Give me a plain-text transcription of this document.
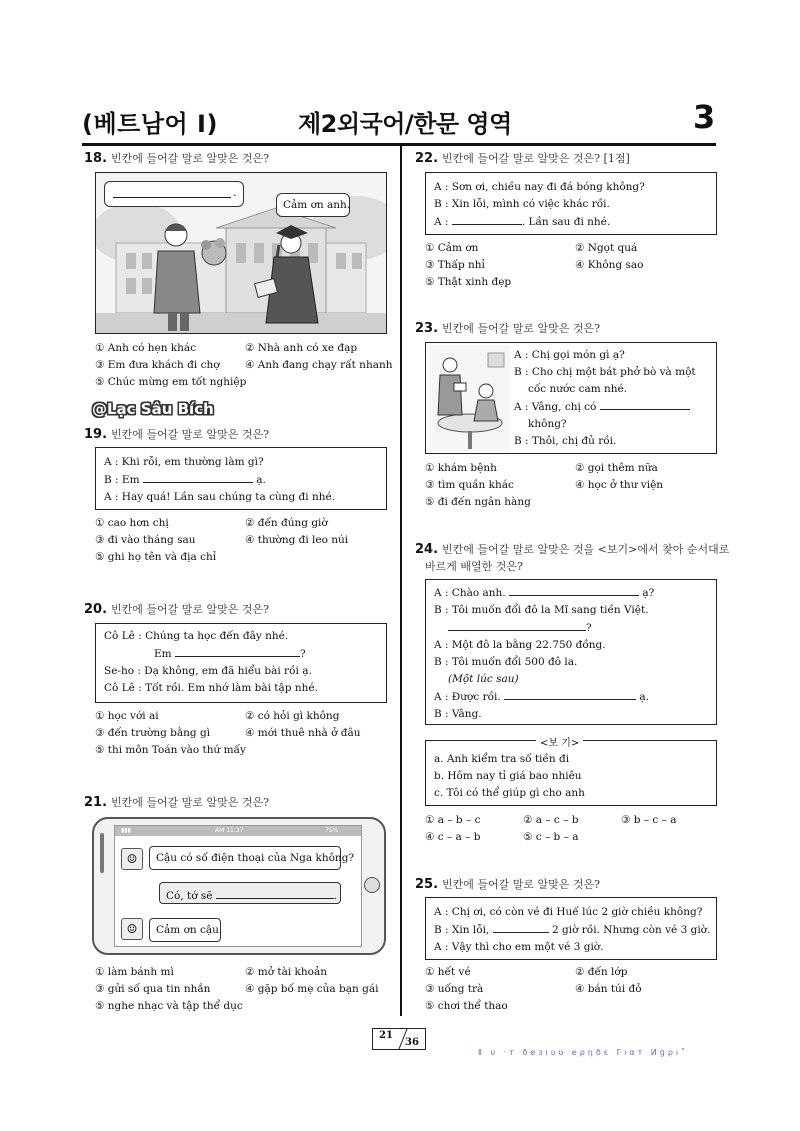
(베트남어 I)	제2외국어/한문 영역	3
18. 빈칸에 들어갈 말로 알맞은 것은?
.
Cảm ơn anh.
① Anh có hẹn khác	② Nhà anh có xe đạp
③ Em đưa khách đi chợ ④ Anh đang chạy rất nhanh
⑤ Chúc mừng em tốt nghiệp
@Lạc Sâu Bích
19. 빈칸에 들어갈 말로 알맞은 것은?
A : Khi rỗi, em thường làm gì?
B : Em	ạ.
A : Hay quá! Lần sau chúng ta cùng đi nhé.
① cao hơn chị	② đến đúng giờ
③ đi vào tháng sau	④ thường đi leo núi
⑤ ghi họ tên và địa chỉ
20. 빈칸에 들어갈 말로 알맞은 것은?
Cô Lê : Chúng ta học đến đây nhé.
Em	?
Se-ho : Dạ không, em đã hiểu bài rồi ạ.
Cô Lê : Tốt rồi. Em nhớ làm bài tập nhé.
① học với ai	② có hỏi gì không
③ đến trường bằng gì	④ mới thuê nhà ở đâu
⑤ thi môn Toán vào thứ mấy
21. 빈칸에 들어갈 말로 알맞은 것은?
▮▮▮	AM 11:37	75%
☺	Cậu có số điện thoại của Nga không?
Có, tớ sẽ	.
☺	Cảm ơn cậu.
① làm bánh mì	② mở tài khoản
③ gửi số qua tin nhắn	④ gặp bố mẹ của bạn gái
⑤ nghe nhạc và tập thể dục
22. 빈칸에 들어갈 말로 알맞은 것은? [1점]
A : Sơn ơi, chiều nay đi đá bóng không?
B : Xin lỗi, mình có việc khác rồi.
A :	. Lần sau đi nhé.
① Cảm ơn	② Ngọt quá
③ Thấp nhỉ	④ Không sao
⑤ Thật xinh đẹp
23. 빈칸에 들어갈 말로 알맞은 것은?
A : Chị gọi món gì ạ?
B : Cho chị một bát phở bò và một
cốc nước cam nhé.
A : Vâng, chị có
không?
B : Thôi, chị đủ rồi.
① khám bệnh	② gọi thêm nữa
③ tìm quần khác	④ học ở thư viện
⑤ đi đến ngân hàng
24. 빈칸에 들어갈 말로 알맞은 것을 <보기>에서 찾아 순서대로
바르게 배열한 것은?
A : Chào anh.	ạ?
B : Tôi muốn đổi đô la Mĩ sang tiền Việt.
?
A : Một đô la bằng 22.750 đồng.
B : Tôi muốn đổi 500 đô la.
(Một lúc sau)
A : Được rồi.	ạ.
B : Vâng.
<보 기>
a. Anh kiểm tra số tiền đi
b. Hôm nay tỉ giá bao nhiêu
c. Tôi có thể giúp gì cho anh
① a – b – c	② a – c – b	③ b – c – a
④ c – a – b	⑤ c – b – a
25. 빈칸에 들어갈 말로 알맞은 것은?
A : Chị ơi, có còn vé đi Huế lúc 2 giờ chiều không?
B : Xin lỗi,	2 giờ rồi. Nhưng còn vé 3 giờ.
A : Vậy thì cho em một vé 3 giờ.
① hết vé	② đến lớp
③ uống trà	④ bán túi đỏ
⑤ chơi thể thao
21
36
Ⅱ υ ·т ðезıʋʋ еρηðε Γıαт Иɡρı˚
